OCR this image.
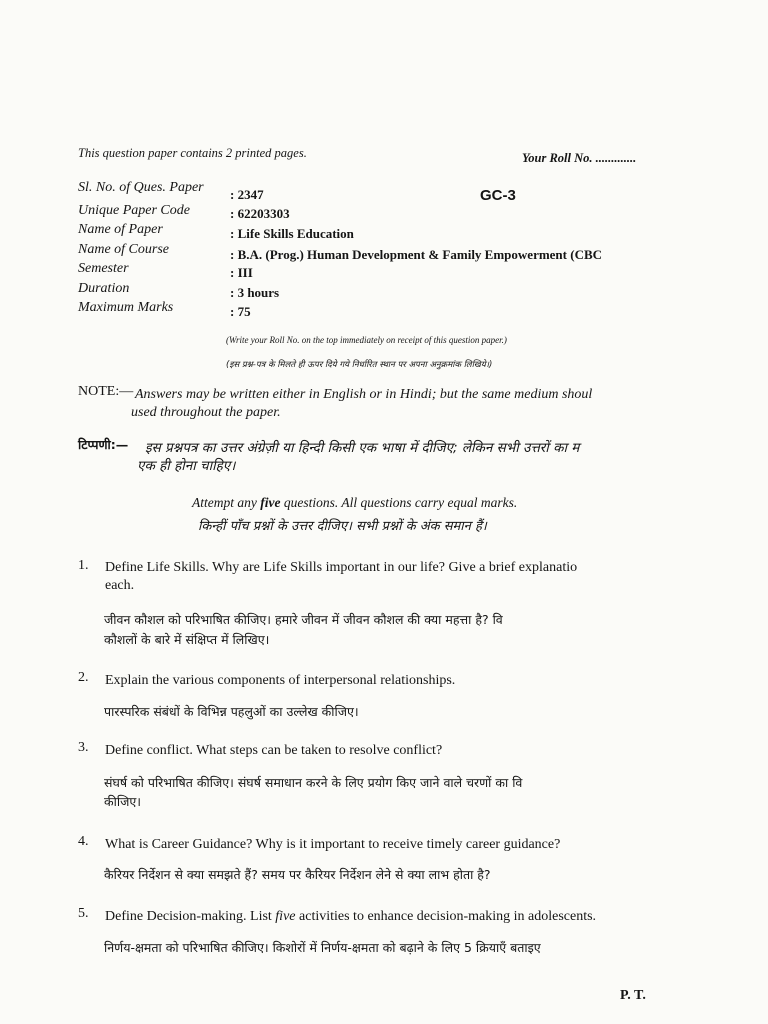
This question paper contains 2 printed pages.	Your Roll No. .............
GC-3
Sl. No. of Ques. Paper : 2347
Unique Paper Code	: 62203303
Name of Paper	: Life Skills Education
Name of Course	: B.A. (Prog.) Human Development & Family Empowerment (CBC
Semester	: III
Duration	: 3 hours
Maximum Marks	: 75
(Write your Roll No. on the top immediately on receipt of this question paper.)
(इस प्रश्न-पत्र के मिलते ही ऊपर दिये गये निर्धारित स्थान पर अपना अनुक्रमांक लिखिये।)
NOTE:— Answers may be written either in English or in Hindi; but the same medium shoul
used throughout the paper.
टिप्पणी:— इस प्रश्नपत्र का उत्तर अंग्रेज़ी या हिन्दी किसी एक भाषा में दीजिए; लेकिन सभी उत्तरों का म
एक ही होना चाहिए।
Attempt any five questions. All questions carry equal marks.
किन्हीं पाँच प्रश्नों के उत्तर दीजिए। सभी प्रश्नों के अंक समान हैं।
1. Define Life Skills. Why are Life Skills important in our life? Give a brief explanatio
each.
जीवन कौशल को परिभाषित कीजिए। हमारे जीवन में जीवन कौशल की क्या महत्ता है? वि
कौशलों के बारे में संक्षिप्त में लिखिए।
2. Explain the various components of interpersonal relationships.
पारस्परिक संबंधों के विभिन्न पहलुओं का उल्लेख कीजिए।
3. Define conflict. What steps can be taken to resolve conflict?
संघर्ष को परिभाषित कीजिए। संघर्ष समाधान करने के लिए प्रयोग किए जाने वाले चरणों का वि
कीजिए।
4. What is Career Guidance? Why is it important to receive timely career guidance?
कैरियर निर्देशन से क्या समझते हैं? समय पर कैरियर निर्देशन लेने से क्या लाभ होता है?
5. Define Decision-making. List five activities to enhance decision-making in adolescents.
निर्णय-क्षमता को परिभाषित कीजिए। किशोरों में निर्णय-क्षमता को बढ़ाने के लिए 5 क्रियाएँ बताइए
P. T.
